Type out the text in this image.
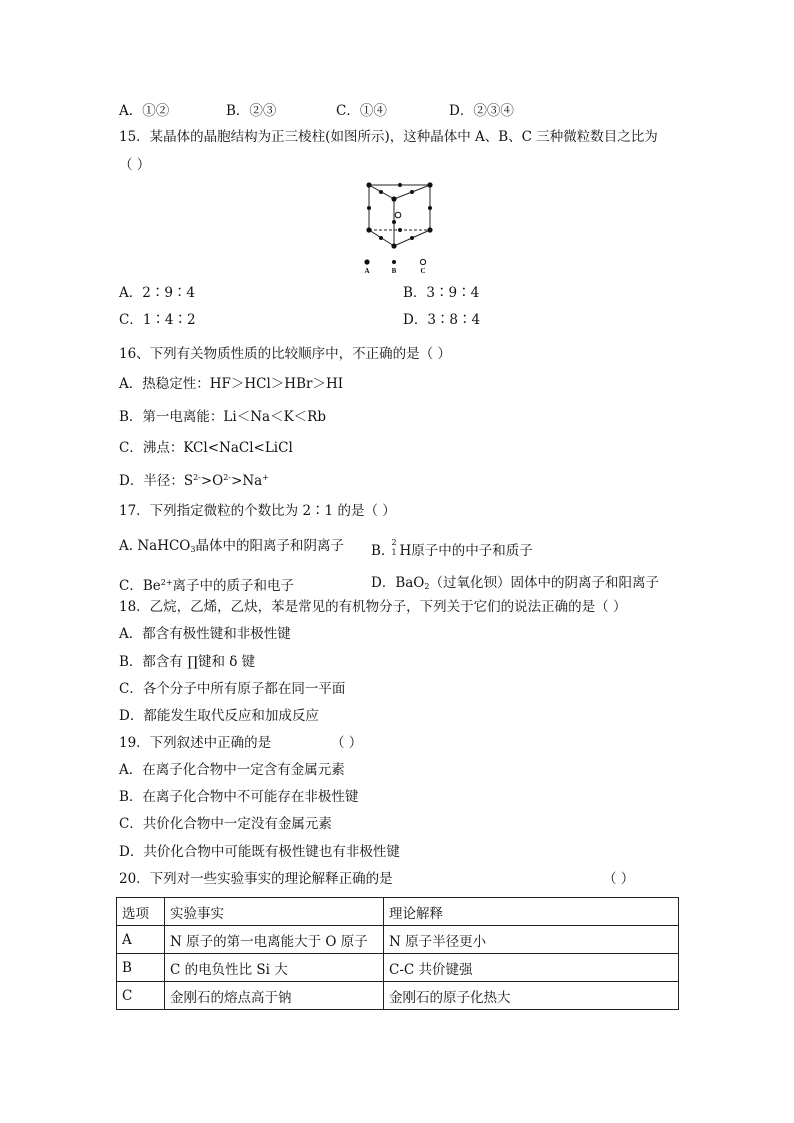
A．①②	B．②③	C．①④	D．②③④
15．某晶体的晶胞结构为正三棱柱(如图所示)，这种晶体中 A、B、C 三种微粒数目之比为
（ ）
A	B	C
A．2∶9∶4	B．3∶9∶4
C．1∶4∶2	D．3∶8∶4
16、下列有关物质性质的比较顺序中，不正确的是（ ）
A．热稳定性：HF＞HCl＞HBr＞HI
B．第一电离能：Li＜Na＜K＜Rb
C．沸点：KCl<NaCl<LiCl
D．半径：$S^{2-}>O^{2-}>Na^+$
17．下列指定微粒的个数比为 2∶1 的是（ ）
A. NaHCO$_3$晶体中的阳离子和阴离子 B.
2
1 H原子中的中子和质子
C．$Be^{2+}$离子中的质子和电子	D．BaO$_2$（过氧化钡）固体中的阴离子和阳离子
18．乙烷，乙烯，乙炔，苯是常见的有机物分子，下列关于它们的说法正确的是（ ）
A．都含有极性键和非极性键
B．都含有 ∏键和 δ 键
C．各个分子中所有原子都在同一平面
D．都能发生取代反应和加成反应
19．下列叙述中正确的是	（ ）
A．在离子化合物中一定含有金属元素
B．在离子化合物中不可能存在非极性键
C．共价化合物中一定没有金属元素
D．共价化合物中可能既有极性键也有非极性键
20．下列对一些实验事实的理论解释正确的是	（ ）
选项	实验事实	理论解释
A	N 原子的第一电离能大于 O 原子	N 原子半径更小
B	C 的电负性比 Si 大	C-C 共价键强
C	金刚石的熔点高于钠	金刚石的原子化热大
